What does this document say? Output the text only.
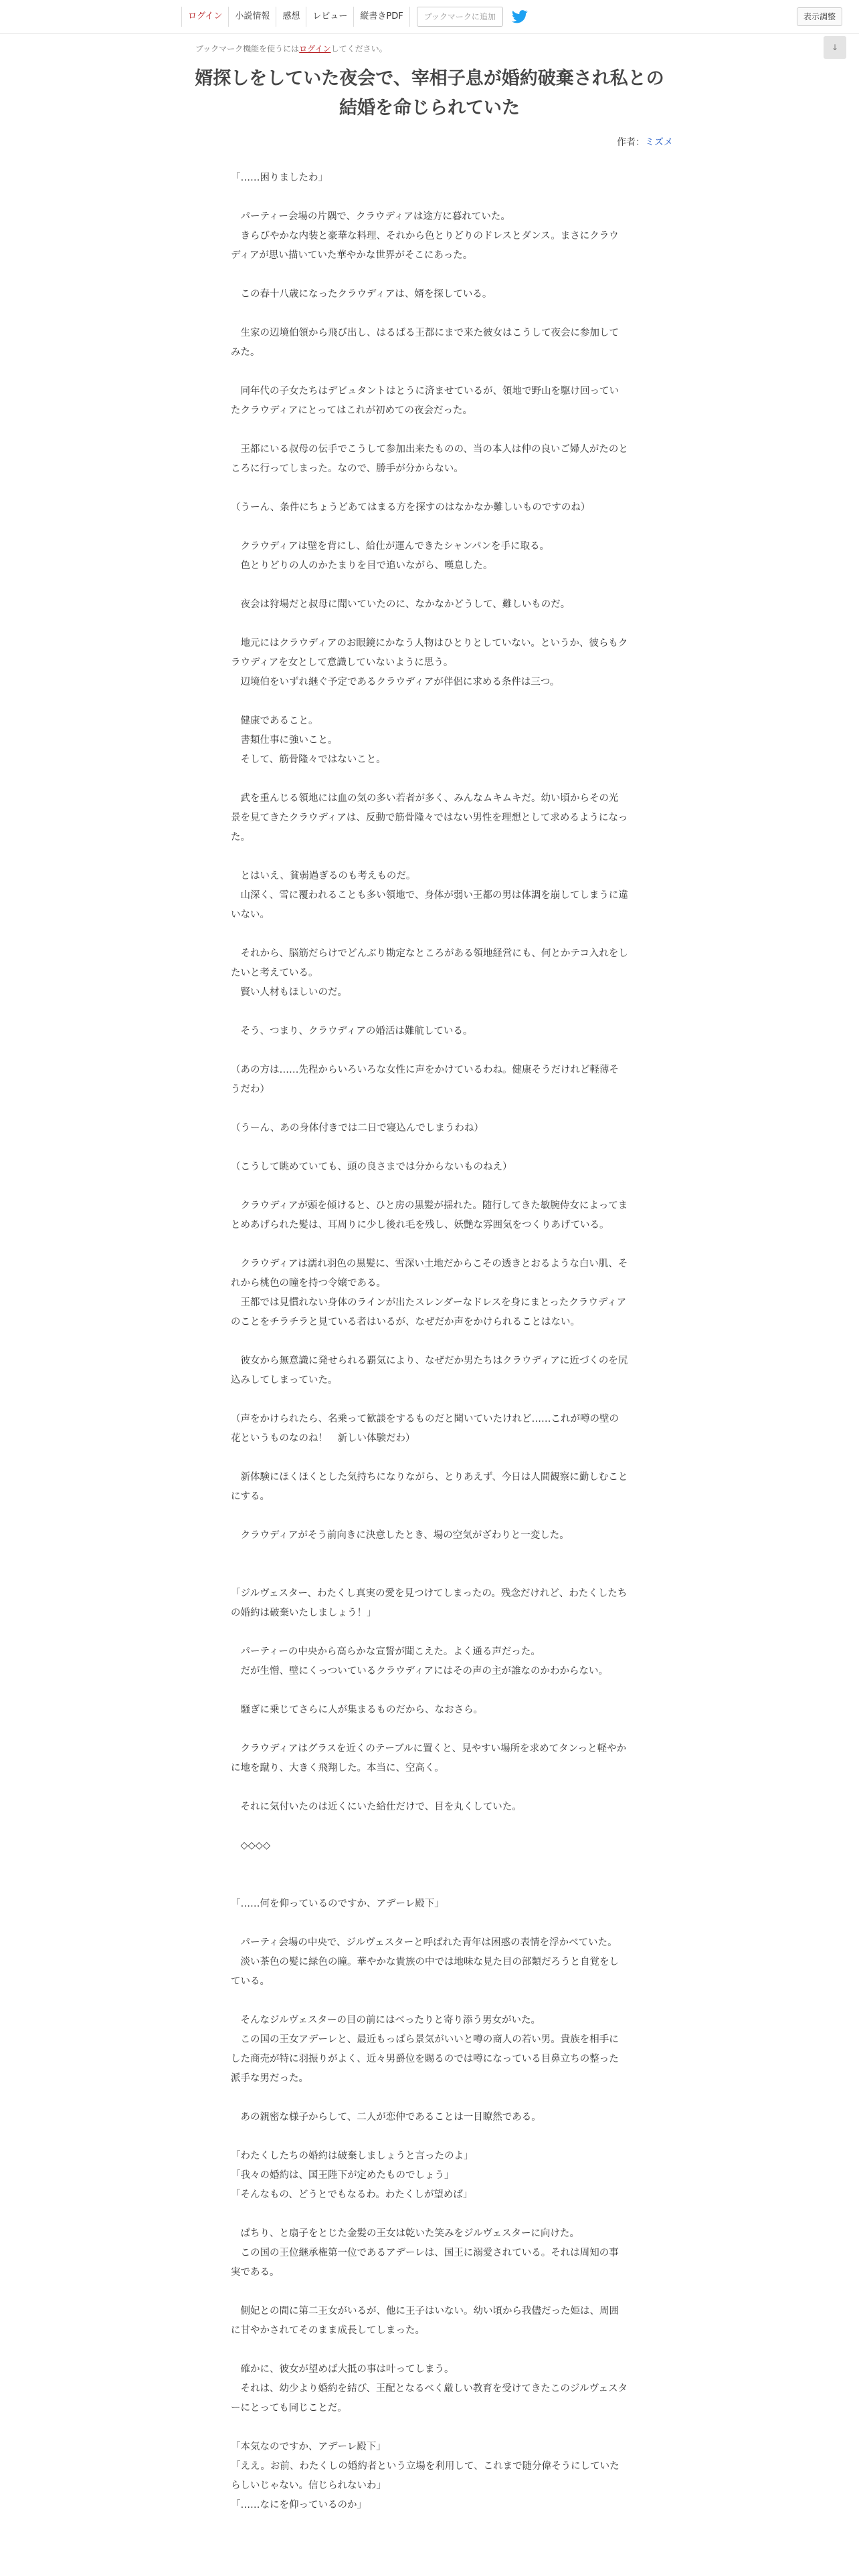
ログイン	小説情報	感想	レビュー	縦書きPDF	ブックマークに追加	表示調整
ブックマーク機能を使うにはログインしてください。	↓
婿探しをしていた夜会で、宰相子息が婚約破棄され私との結婚を命じられていた
作者：ミズメ

「……困りましたわ」

　パーティー会場の片隅で、クラウディアは途方に暮れていた。

　きらびやかな内装と豪華な料理、それから色とりどりのドレスとダンス。まさにクラウディアが思い描いていた華やかな世界がそこにあった。

　この春十八歳になったクラウディアは、婿を探している。

　生家の辺境伯領から飛び出し、はるばる王都にまで来た彼女はこうして夜会に参加してみた。

　同年代の子女たちはデビュタントはとうに済ませているが、領地で野山を駆け回っていたクラウディアにとってはこれが初めての夜会だった。

　王都にいる叔母の伝手でこうして参加出来たものの、当の本人は仲の良いご婦人がたのところに行ってしまった。なので、勝手が分からない。

（うーん、条件にちょうどあてはまる方を探すのはなかなか難しいものですのね）

　クラウディアは壁を背にし、給仕が運んできたシャンパンを手に取る。

　色とりどりの人のかたまりを目で追いながら、嘆息した。

　夜会は狩場だと叔母に聞いていたのに、なかなかどうして、難しいものだ。

　地元にはクラウディアのお眼鏡にかなう人物はひとりとしていない。というか、彼らもクラウディアを女として意識していないように思う。

　辺境伯をいずれ継ぐ予定であるクラウディアが伴侶に求める条件は三つ。

　健康であること。

　書類仕事に強いこと。

　そして、筋骨隆々ではないこと。

　武を重んじる領地には血の気の多い若者が多く、みんなムキムキだ。幼い頃からその光景を見てきたクラウディアは、反動で筋骨隆々ではない男性を理想として求めるようになった。

　とはいえ、貧弱過ぎるのも考えものだ。

　山深く、雪に覆われることも多い領地で、身体が弱い王都の男は体調を崩してしまうに違いない。

　それから、脳筋だらけでどんぶり勘定なところがある領地経営にも、何とかテコ入れをしたいと考えている。

　賢い人材もほしいのだ。

　そう、つまり、クラウディアの婚活は難航している。

（あの方は……先程からいろいろな女性に声をかけているわね。健康そうだけれど軽薄そうだわ）

（うーん、あの身体付きでは二日で寝込んでしまうわね）

（こうして眺めていても、頭の良さまでは分からないものねえ）

　クラウディアが頭を傾けると、ひと房の黒髪が揺れた。随行してきた敏腕侍女によってまとめあげられた髪は、耳周りに少し後れ毛を残し、妖艶な雰囲気をつくりあげている。

　クラウディアは濡れ羽色の黒髪に、雪深い土地だからこその透きとおるような白い肌、それから桃色の瞳を持つ令嬢である。

　王都では見慣れない身体のラインが出たスレンダーなドレスを身にまとったクラウディアのことをチラチラと見ている者はいるが、なぜだか声をかけられることはない。

　彼女から無意識に発せられる覇気により、なぜだか男たちはクラウディアに近づくのを尻込みしてしまっていた。

（声をかけられたら、名乗って歓談をするものだと聞いていたけれど……これが噂の壁の花というものなのね！　新しい体験だわ）

　新体験にほくほくとした気持ちになりながら、とりあえず、今日は人間観察に勤しむことにする。

　クラウディアがそう前向きに決意したとき、場の空気がざわりと一変した。

「ジルヴェスター、わたくし真実の愛を見つけてしまったの。残念だけれど、わたくしたちの婚約は破棄いたしましょう！」

　パーティーの中央から高らかな宣誓が聞こえた。よく通る声だった。

　だが生憎、壁にくっついているクラウディアにはその声の主が誰なのかわからない。

　騒ぎに乗じてさらに人が集まるものだから、なおさら。

　クラウディアはグラスを近くのテーブルに置くと、見やすい場所を求めてタンっと軽やかに地を蹴り、大きく飛翔した。本当に、空高く。

　それに気付いたのは近くにいた給仕だけで、目を丸くしていた。

　◇◇◇◇

「……何を仰っているのですか、アデーレ殿下」

　パーティ会場の中央で、ジルヴェスターと呼ばれた青年は困惑の表情を浮かべていた。

　淡い茶色の髪に緑色の瞳。華やかな貴族の中では地味な見た目の部類だろうと自覚をしている。

　そんなジルヴェスターの目の前にはべったりと寄り添う男女がいた。

　この国の王女アデーレと、最近もっぱら景気がいいと噂の商人の若い男。貴族を相手にした商売が特に羽振りがよく、近々男爵位を賜るのでは噂になっている目鼻立ちの整った派手な男だった。

　あの親密な様子からして、二人が恋仲であることは一目瞭然である。

「わたくしたちの婚約は破棄しましょうと言ったのよ」

「我々の婚約は、国王陛下が定めたものでしょう」

「そんなもの、どうとでもなるわ。わたくしが望めば」

　ぱちり、と扇子をとじた金髪の王女は乾いた笑みをジルヴェスターに向けた。

　この国の王位継承権第一位であるアデーレは、国王に溺愛されている。それは周知の事実である。

　側妃との間に第二王女がいるが、他に王子はいない。幼い頃から我儘だった姫は、周囲に甘やかされてそのまま成長してしまった。

　確かに、彼女が望めば大抵の事は叶ってしまう。

　それは、幼少より婚約を結び、王配となるべく厳しい教育を受けてきたこのジルヴェスターにとっても同じことだ。

「本気なのですか、アデーレ殿下」

「ええ。お前、わたくしの婚約者という立場を利用して、これまで随分偉そうにしていたらしいじゃない。信じられないわ」

「……なにを仰っているのか」
